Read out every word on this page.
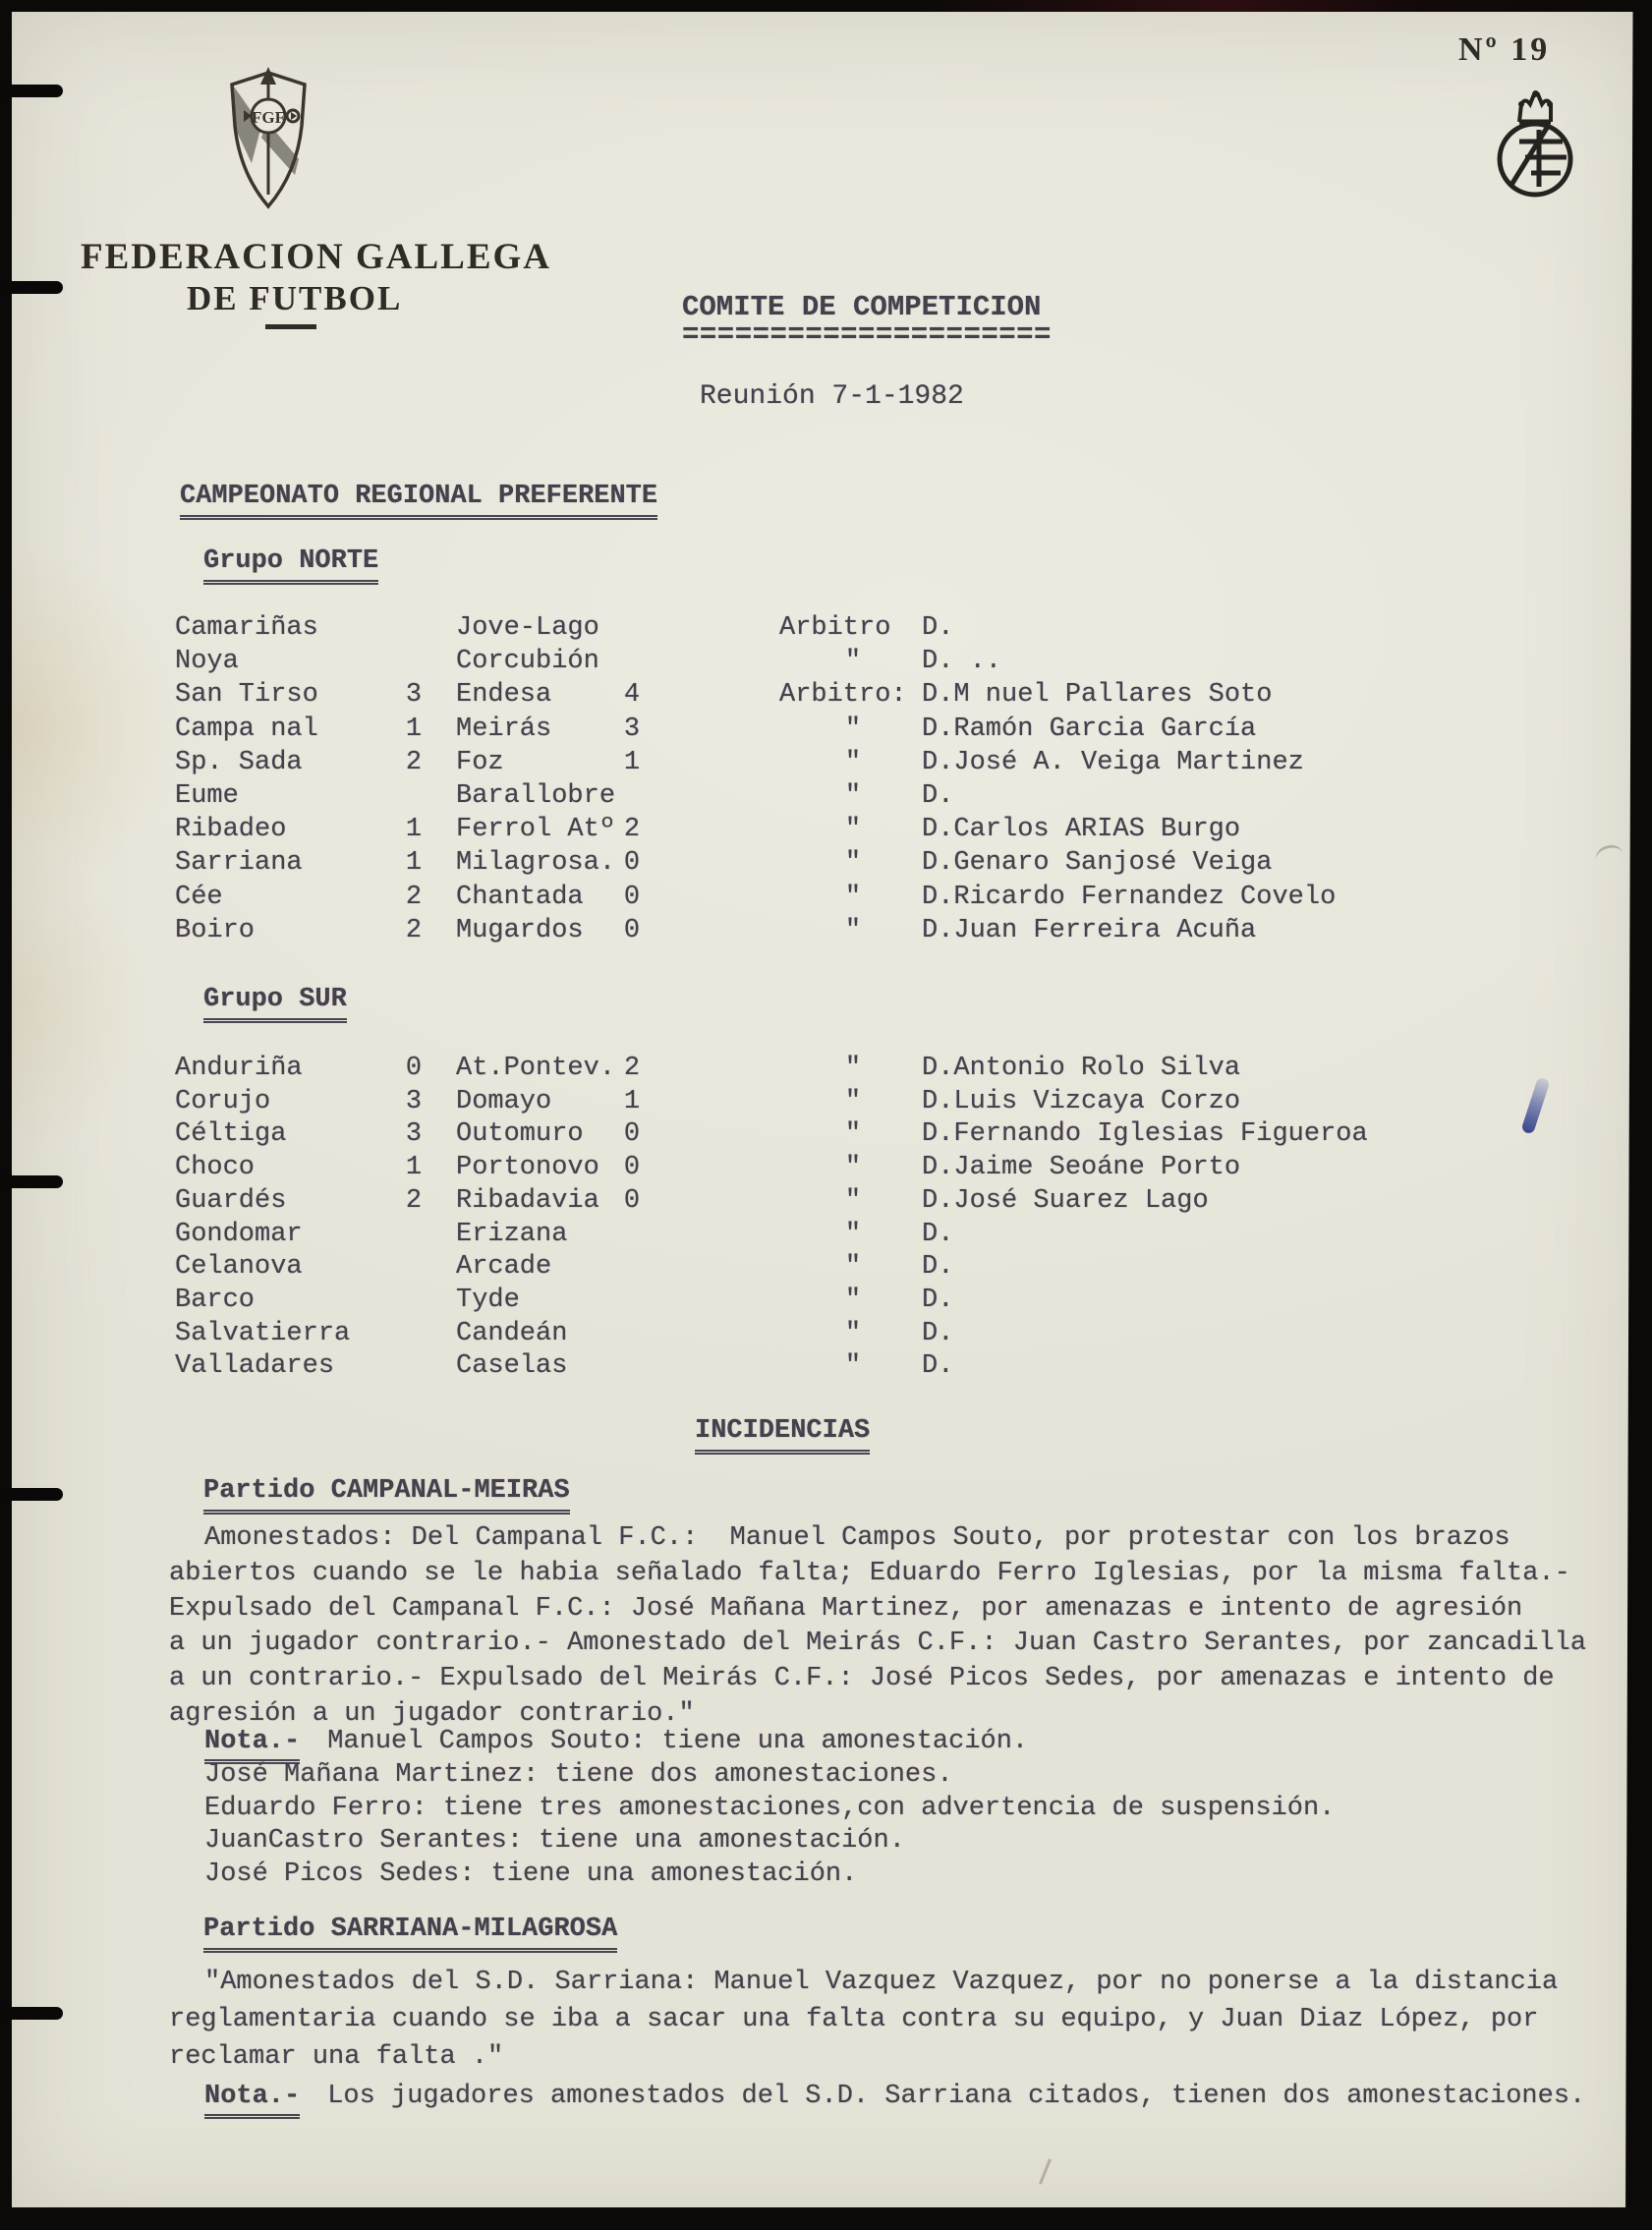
FGF
FEDERACION GALLEGA
DE FUTBOL	COMITE DE COMPETICION
=====================
Reunión 7-1-1982
Nº 19
CAMPEONATO REGIONAL PREFERENTE
Grupo NORTE
Camariñas	Jove-Lago	Arbitro D.
Noya	Corcubión	"	D. ..
San Tirso	3	Endesa	4	Arbitro: D.M nuel Pallares Soto
Campa nal	1	Meirás	3	"	D.Ramón Garcia García
Sp. Sada	2	Foz	1	"	D.José A. Veiga Martinez
Eume	Barallobre	"	D.
Ribadeo	1	Ferrol Atº 2	"	D.Carlos ARIAS Burgo
Sarriana	1	Milagrosa. 0	"	D.Genaro Sanjosé Veiga
Cée	2	Chantada	0	"	D.Ricardo Fernandez Covelo
Boiro	2	Mugardos	0	"	D.Juan Ferreira Acuña
Grupo SUR
Anduriña	0	At.Pontev. 2	"	D.Antonio Rolo Silva
Corujo	3	Domayo	1	"	D.Luis Vizcaya Corzo
Céltiga	3	Outomuro	0	"	D.Fernando Iglesias Figueroa
Choco	1	Portonovo 0	"	D.Jaime Seoáne Porto
Guardés	2	Ribadavia 0	"	D.José Suarez Lago
Gondomar	Erizana	"	D.
Celanova	Arcade	"	D.
Barco	Tyde	"	D.
Salvatierra	Candeán	"	D.
Valladares	Caselas	"	D.
Partido CAMPANAL-MEIRAS
Amonestados: Del Campanal F.C.:  Manuel Campos Souto, por protestar con los brazos
abiertos cuando se le habia señalado falta; Eduardo Ferro Iglesias, por la misma falta.-
Expulsado del Campanal F.C.: José Mañana Martinez, por amenazas e intento de agresión
a un jugador contrario.- Amonestado del Meirás C.F.: Juan Castro Serantes, por zancadilla
a un contrario.- Expulsado del Meirás C.F.: José Picos Sedes, por amenazas e intento de
agresión a un jugador contrario."
Nota.- Manuel Campos Souto: tiene una amonestación.
José Mañana Martinez: tiene dos amonestaciones.
Eduardo Ferro: tiene tres amonestaciones,con advertencia de suspensión.
JuanCastro Serantes: tiene una amonestación.
José Picos Sedes: tiene una amonestación.
Partido SARRIANA-MILAGROSA
"Amonestados del S.D. Sarriana: Manuel Vazquez Vazquez, por no ponerse a la distancia
reglamentaria cuando se iba a sacar una falta contra su equipo, y Juan Diaz López, por
reclamar una falta ."
Nota.- Los jugadores amonestados del S.D. Sarriana citados, tienen dos amonestaciones.
INCIDENCIAS
